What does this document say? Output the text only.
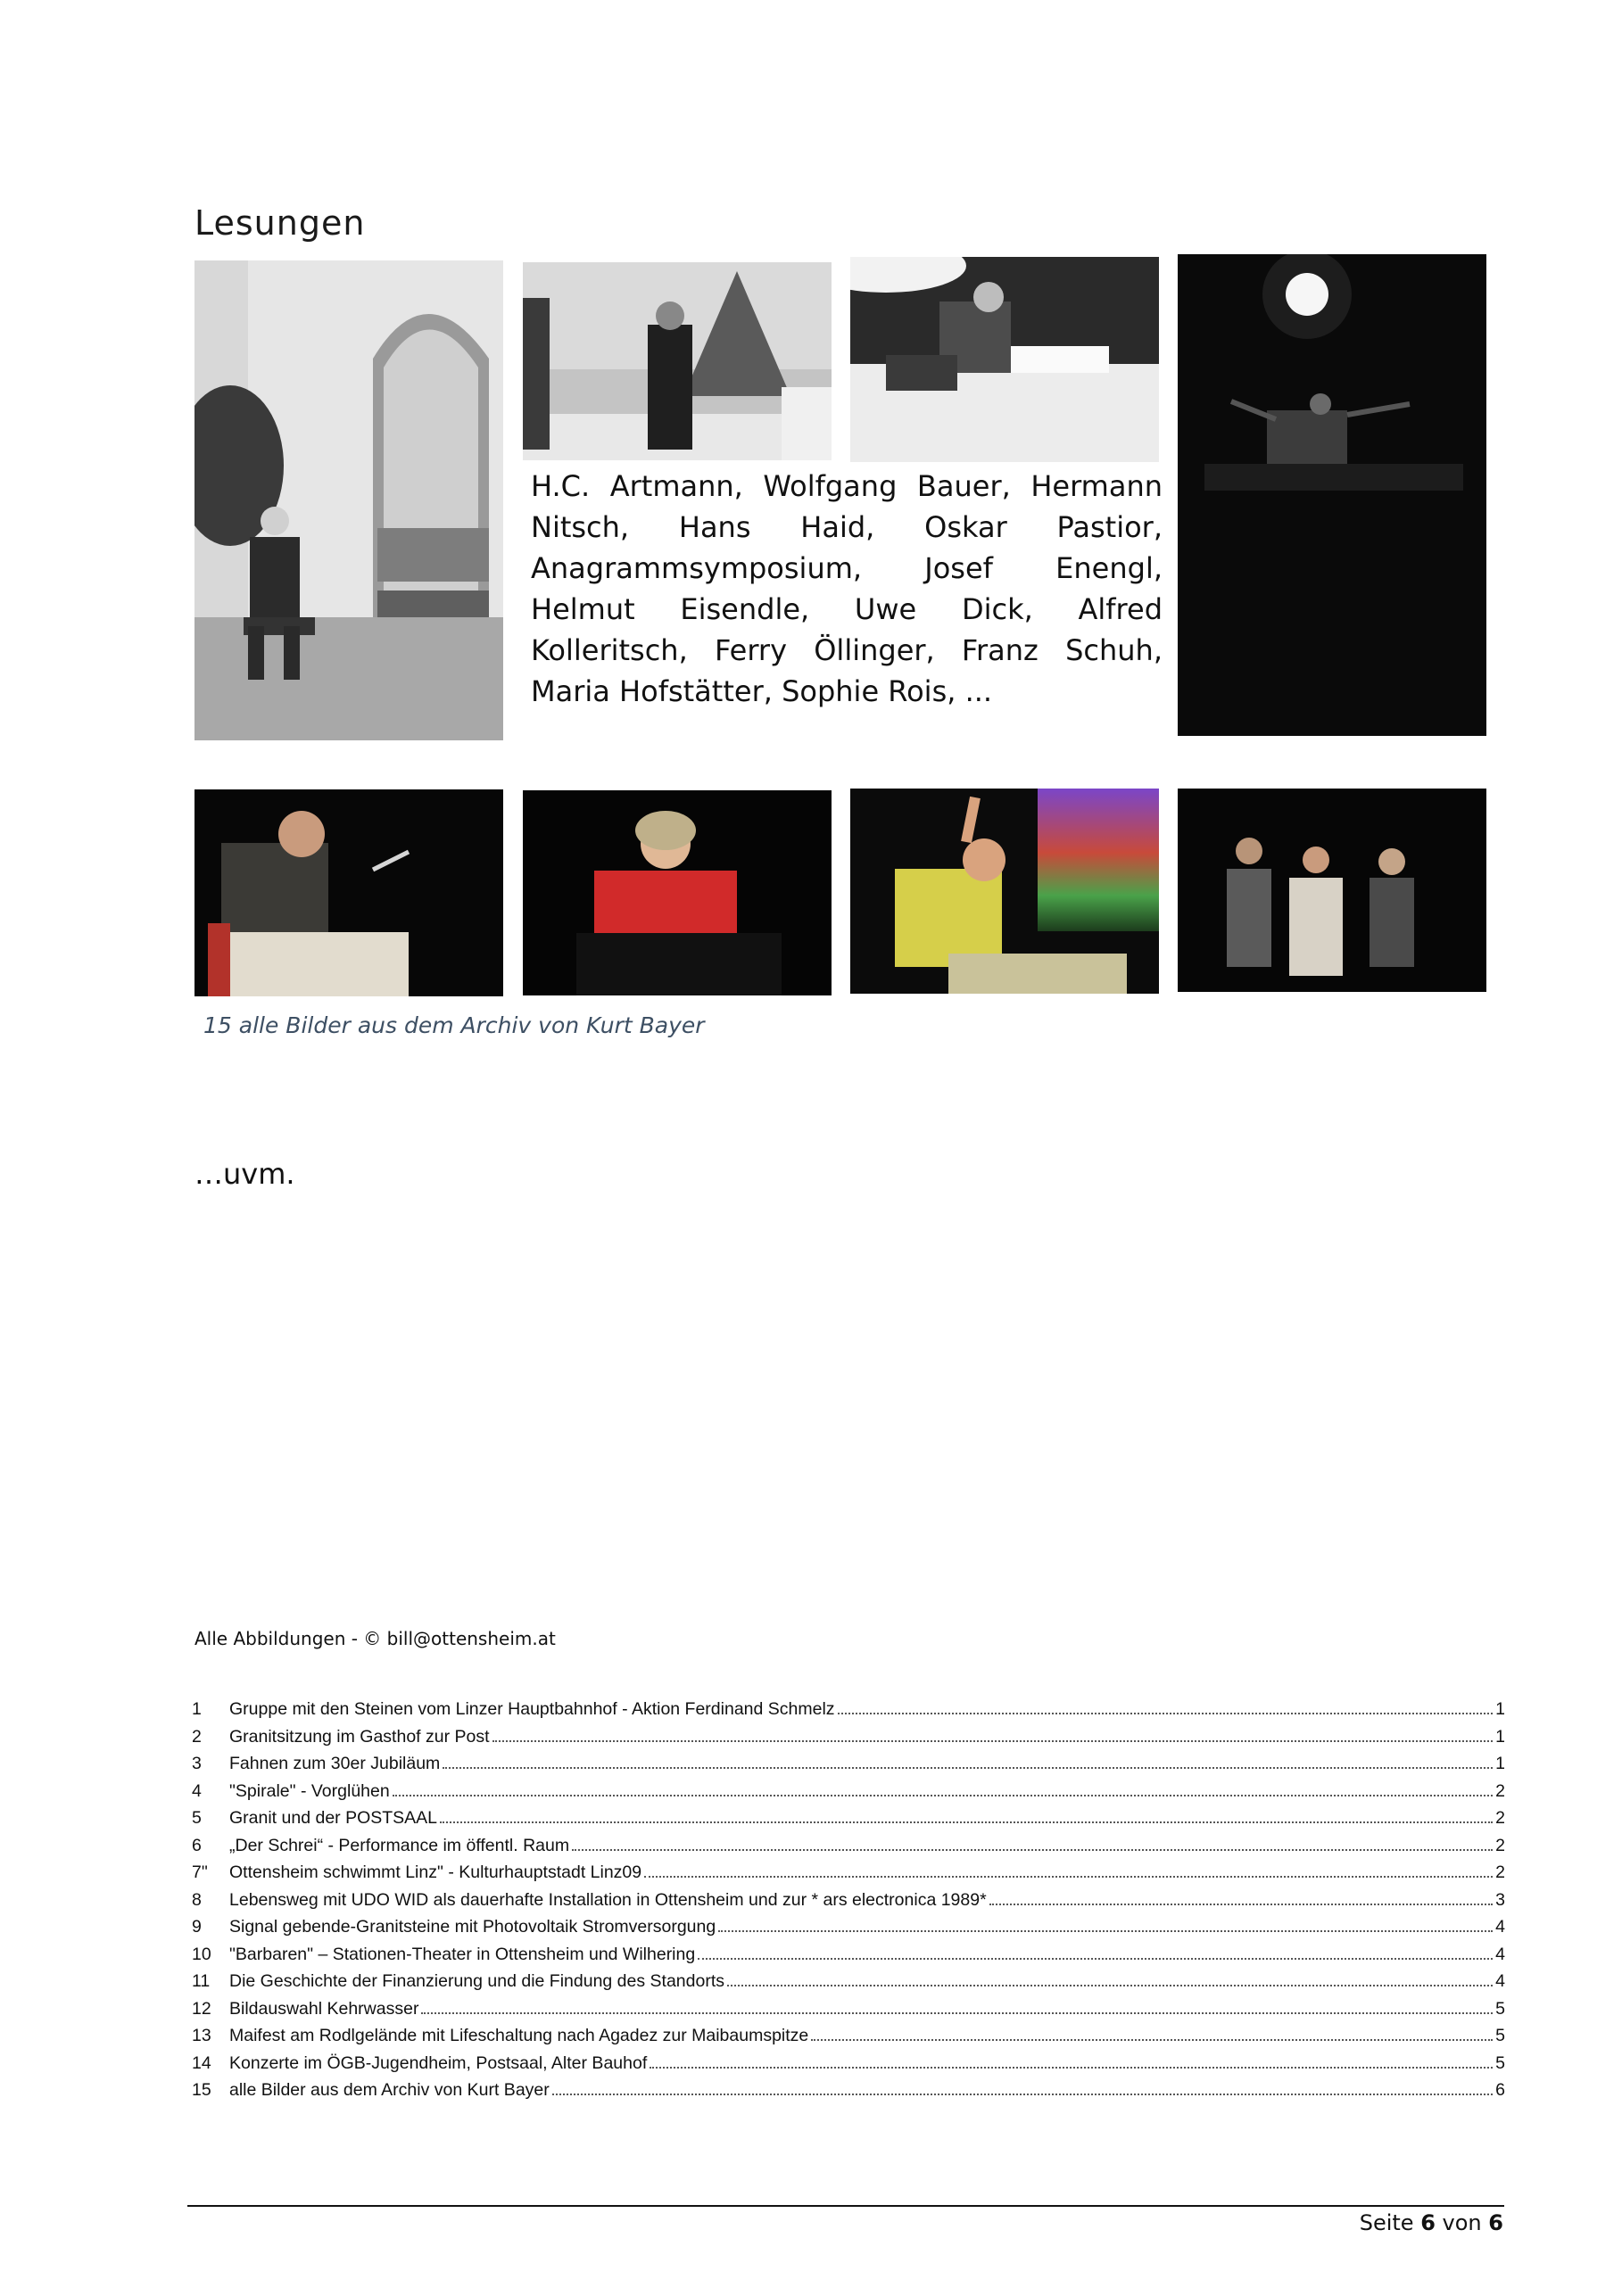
Lesungen
H.C. Artmann, Wolfgang Bauer, Hermann Nitsch, Hans Haid, Oskar Pastior, Anagrammsymposium, Josef Enengl, Helmut Eisendle, Uwe Dick, Alfred Kolleritsch, Ferry Öllinger, Franz Schuh, Maria Hofstätter, Sophie Rois, ...
15 alle Bilder aus dem Archiv von Kurt Bayer
…uvm.
Alle Abbildungen - © bill@ottensheim.at
1	Gruppe mit den Steinen vom Linzer Hauptbahnhof - Aktion Ferdinand Schmelz	1
2	Granitsitzung im Gasthof zur Post	1
3	Fahnen zum 30er Jubiläum	1
4	"Spirale" - Vorglühen	2
5	Granit und der POSTSAAL	2
6	„Der Schrei“ - Performance im öffentl. Raum	2
7"	Ottensheim schwimmt Linz" - Kulturhauptstadt Linz09	2
8	Lebensweg mit UDO WID als dauerhafte Installation in Ottensheim und zur * ars electronica 1989*	3
9	Signal gebende-Granitsteine mit Photovoltaik Stromversorgung	4
10	"Barbaren" – Stationen-Theater in Ottensheim und Wilhering	4
11	Die Geschichte der Finanzierung und die Findung des Standorts	4
12	Bildauswahl Kehrwasser	5
13	Maifest am Rodlgelände mit Lifeschaltung nach Agadez zur Maibaumspitze	5
14	Konzerte im ÖGB-Jugendheim, Postsaal, Alter Bauhof	5
15	alle Bilder aus dem Archiv von Kurt Bayer	6
Seite 6 von 6
